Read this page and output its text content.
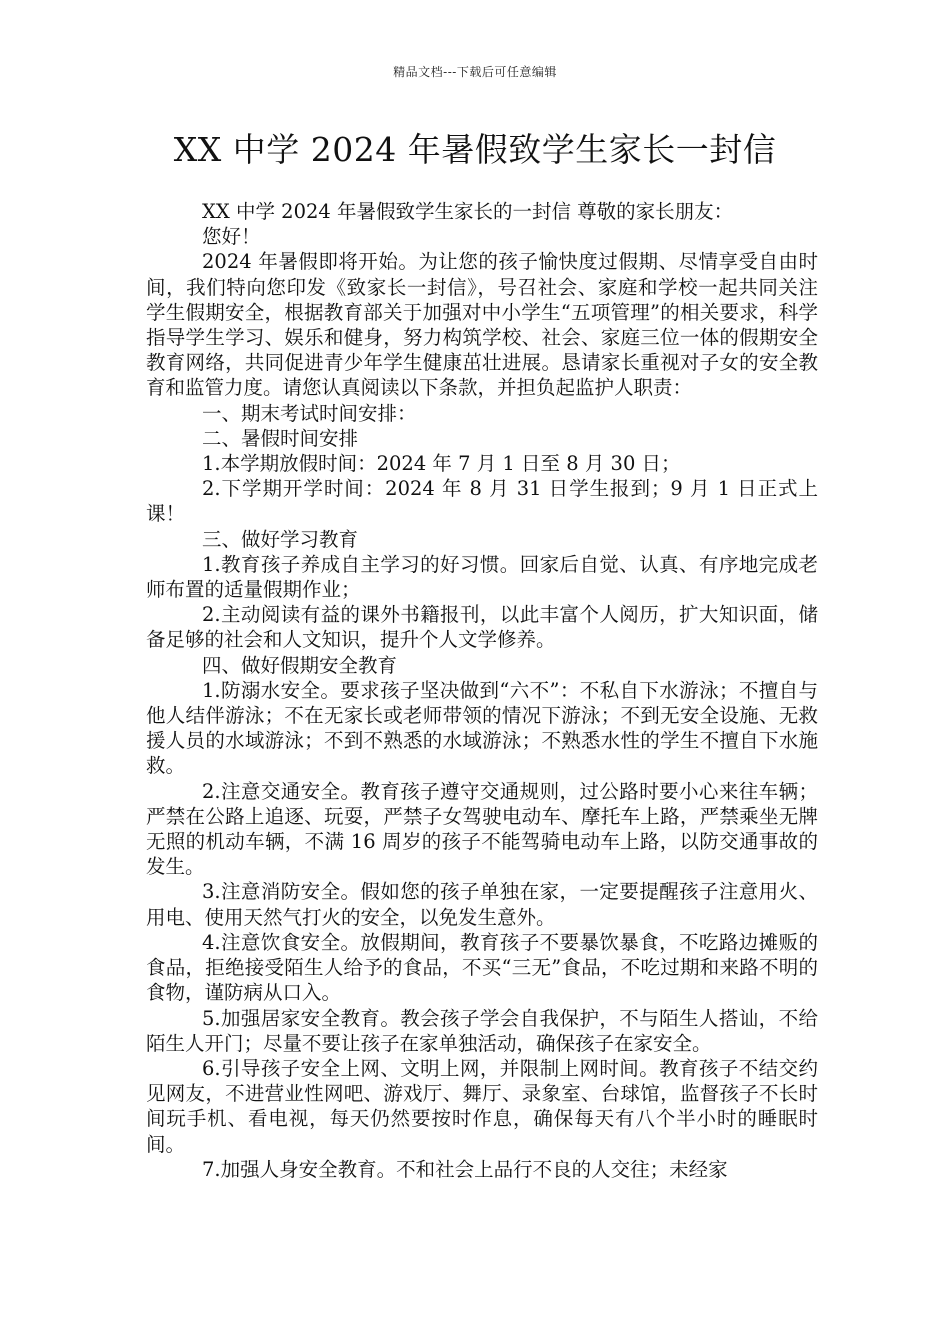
精品文档---下载后可任意编辑
XX 中学 2024 年暑假致学生家长一封信

XX 中学 2024 年暑假致学生家长的一封信 尊敬的家长朋友：

您好！

2024 年暑假即将开始。为让您的孩子愉快度过假期、尽情享受自由时间，我们特向您印发《致家长一封信》，号召社会、家庭和学校一起共同关注学生假期安全，根据教育部关于加强对中小学生“五项管理”的相关要求，科学指导学生学习、娱乐和健身，努力构筑学校、社会、家庭三位一体的假期安全教育网络，共同促进青少年学生健康茁壮进展。恳请家长重视对子女的安全教育和监管力度。请您认真阅读以下条款，并担负起监护人职责：

一、期末考试时间安排：

二、暑假时间安排

1.本学期放假时间：2024 年 7 月 1 日至 8 月 30 日；

2.下学期开学时间：2024 年 8 月 31 日学生报到；9 月 1 日正式上课！

三、做好学习教育

1.教育孩子养成自主学习的好习惯。回家后自觉、认真、有序地完成老师布置的适量假期作业；

2.主动阅读有益的课外书籍报刊，以此丰富个人阅历，扩大知识面，储备足够的社会和人文知识，提升个人文学修养。

四、做好假期安全教育

1.防溺水安全。要求孩子坚决做到“六不”：不私自下水游泳；不擅自与他人结伴游泳；不在无家长或老师带领的情况下游泳；不到无安全设施、无救援人员的水域游泳；不到不熟悉的水域游泳；不熟悉水性的学生不擅自下水施救。

2.注意交通安全。教育孩子遵守交通规则，过公路时要小心来往车辆；严禁在公路上追逐、玩耍，严禁子女驾驶电动车、摩托车上路，严禁乘坐无牌无照的机动车辆，不满 16 周岁的孩子不能驾骑电动车上路，以防交通事故的发生。

3.注意消防安全。假如您的孩子单独在家，一定要提醒孩子注意用火、用电、使用天然气打火的安全，以免发生意外。

4.注意饮食安全。放假期间，教育孩子不要暴饮暴食，不吃路边摊贩的食品，拒绝接受陌生人给予的食品，不买“三无”食品，不吃过期和来路不明的食物，谨防病从口入。

5.加强居家安全教育。教会孩子学会自我保护，不与陌生人搭讪，不给陌生人开门；尽量不要让孩子在家单独活动，确保孩子在家安全。

6.引导孩子安全上网、文明上网，并限制上网时间。教育孩子不结交约见网友，不进营业性网吧、游戏厅、舞厅、录象室、台球馆，监督孩子不长时间玩手机、看电视，每天仍然要按时作息，确保每天有八个半小时的睡眠时间。

7.加强人身安全教育。不和社会上品行不良的人交往；未经家
